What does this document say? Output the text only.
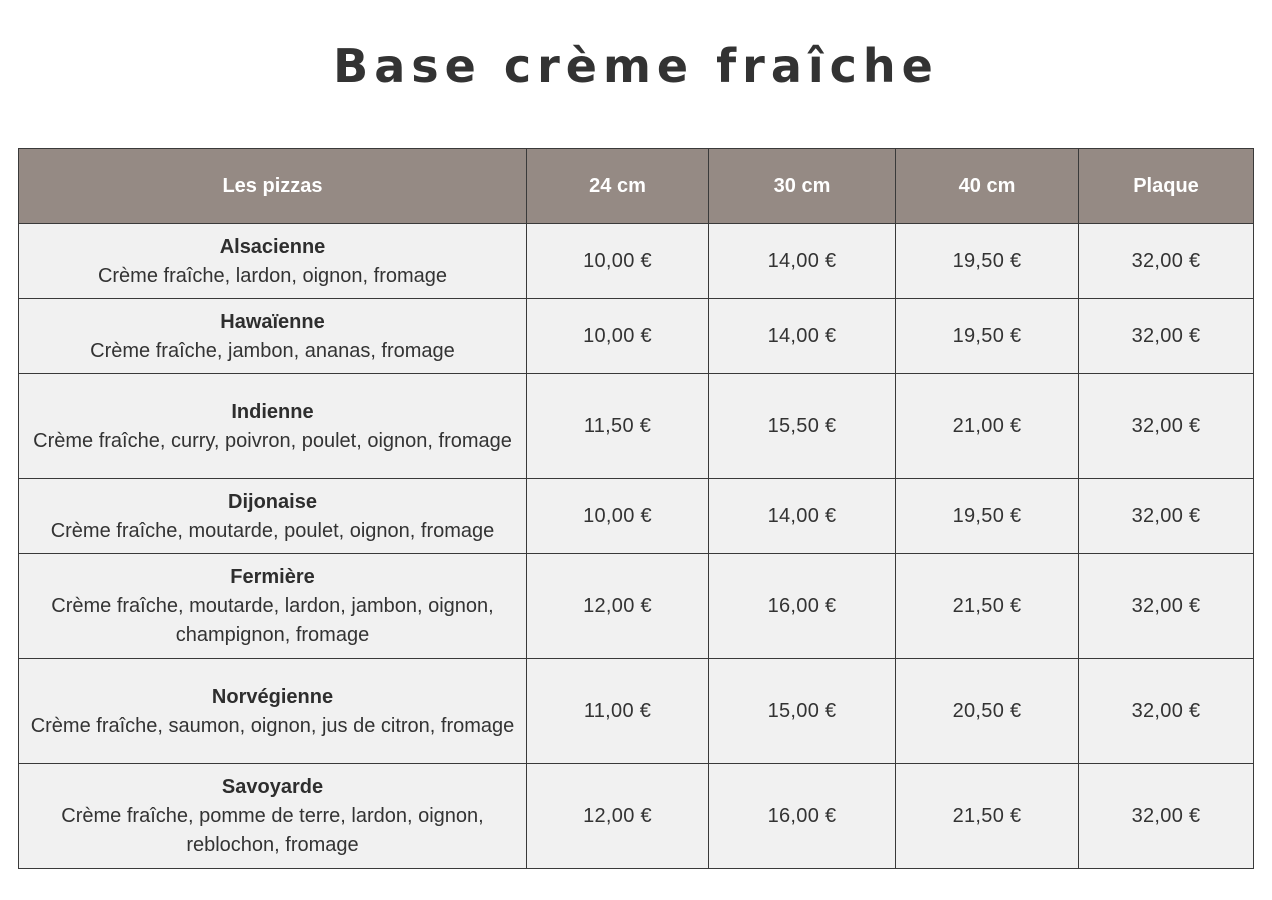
Base crème fraîche
Les pizzas	24 cm	30 cm	40 cm	Plaque

Alsacienne
Crème fraîche, lardon, oignon, fromage	10,00 €	14,00 €	19,50 €	32,00 €

Hawaïenne
Crème fraîche, jambon, ananas, fromage	10,00 €	14,00 €	19,50 €	32,00 €

Indienne
Crème fraîche, curry, poivron, poulet, oignon, fromage	11,50 €	15,50 €	21,00 €	32,00 €

Dijonaise
Crème fraîche, moutarde, poulet, oignon, fromage	10,00 €	14,00 €	19,50 €	32,00 €

Fermière
Crème fraîche, moutarde, lardon, jambon, oignon, champignon, fromage	12,00 €	16,00 €	21,50 €	32,00 €

Norvégienne
Crème fraîche, saumon, oignon, jus de citron, fromage	11,00 €	15,00 €	20,50 €	32,00 €

Savoyarde
Crème fraîche, pomme de terre, lardon, oignon, reblochon, fromage	12,00 €	16,00 €	21,50 €	32,00 €
